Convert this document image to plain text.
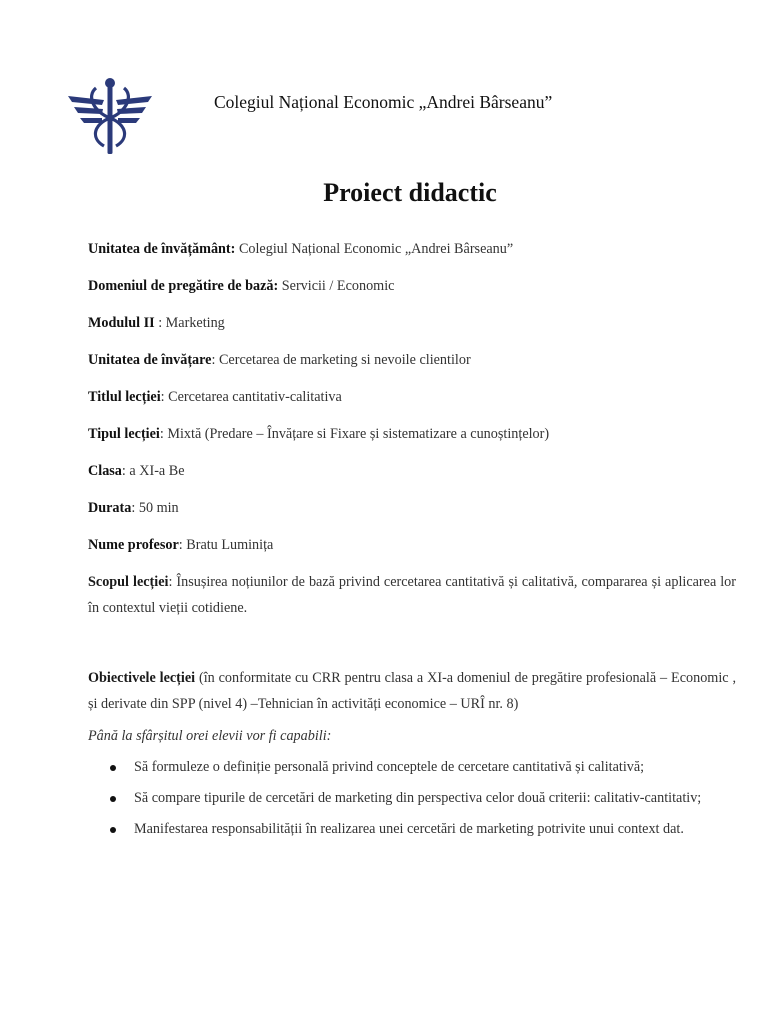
Colegiul Național Economic „Andrei Bârseanu”
Proiect didactic

Unitatea de învățământ: Colegiul Național Economic „Andrei Bârseanu”

Domeniul de pregătire de bază: Servicii / Economic

Modulul II : Marketing

Unitatea de învățare: Cercetarea de marketing si nevoile clientilor

Titlul lecției: Cercetarea cantitativ-calitativa

Tipul lecției: Mixtă (Predare – Învățare si Fixare și sistematizare a cunoștințelor)

Clasa: a XI-a Be

Durata: 50 min

Nume profesor: Bratu Luminița

Scopul lecției: Însușirea noțiunilor de bază privind cercetarea cantitativă și calitativă, compararea și aplicarea lor în contextul vieții cotidiene.

Obiectivele lecției (în conformitate cu CRR pentru clasa a XI-a domeniul de pregătire profesională – Economic , și derivate din SPP (nivel 4) –Tehnician în activități economice – URÎ nr. 8)

Până la sfârșitul orei elevii vor fi capabili:

Să formuleze o definiție personală privind conceptele de cercetare cantitativă și calitativă;
Să compare tipurile de cercetări de marketing din perspectiva celor două criterii: calitativ-cantitativ;
Manifestarea responsabilității în realizarea unei cercetări de marketing potrivite unui context dat.
